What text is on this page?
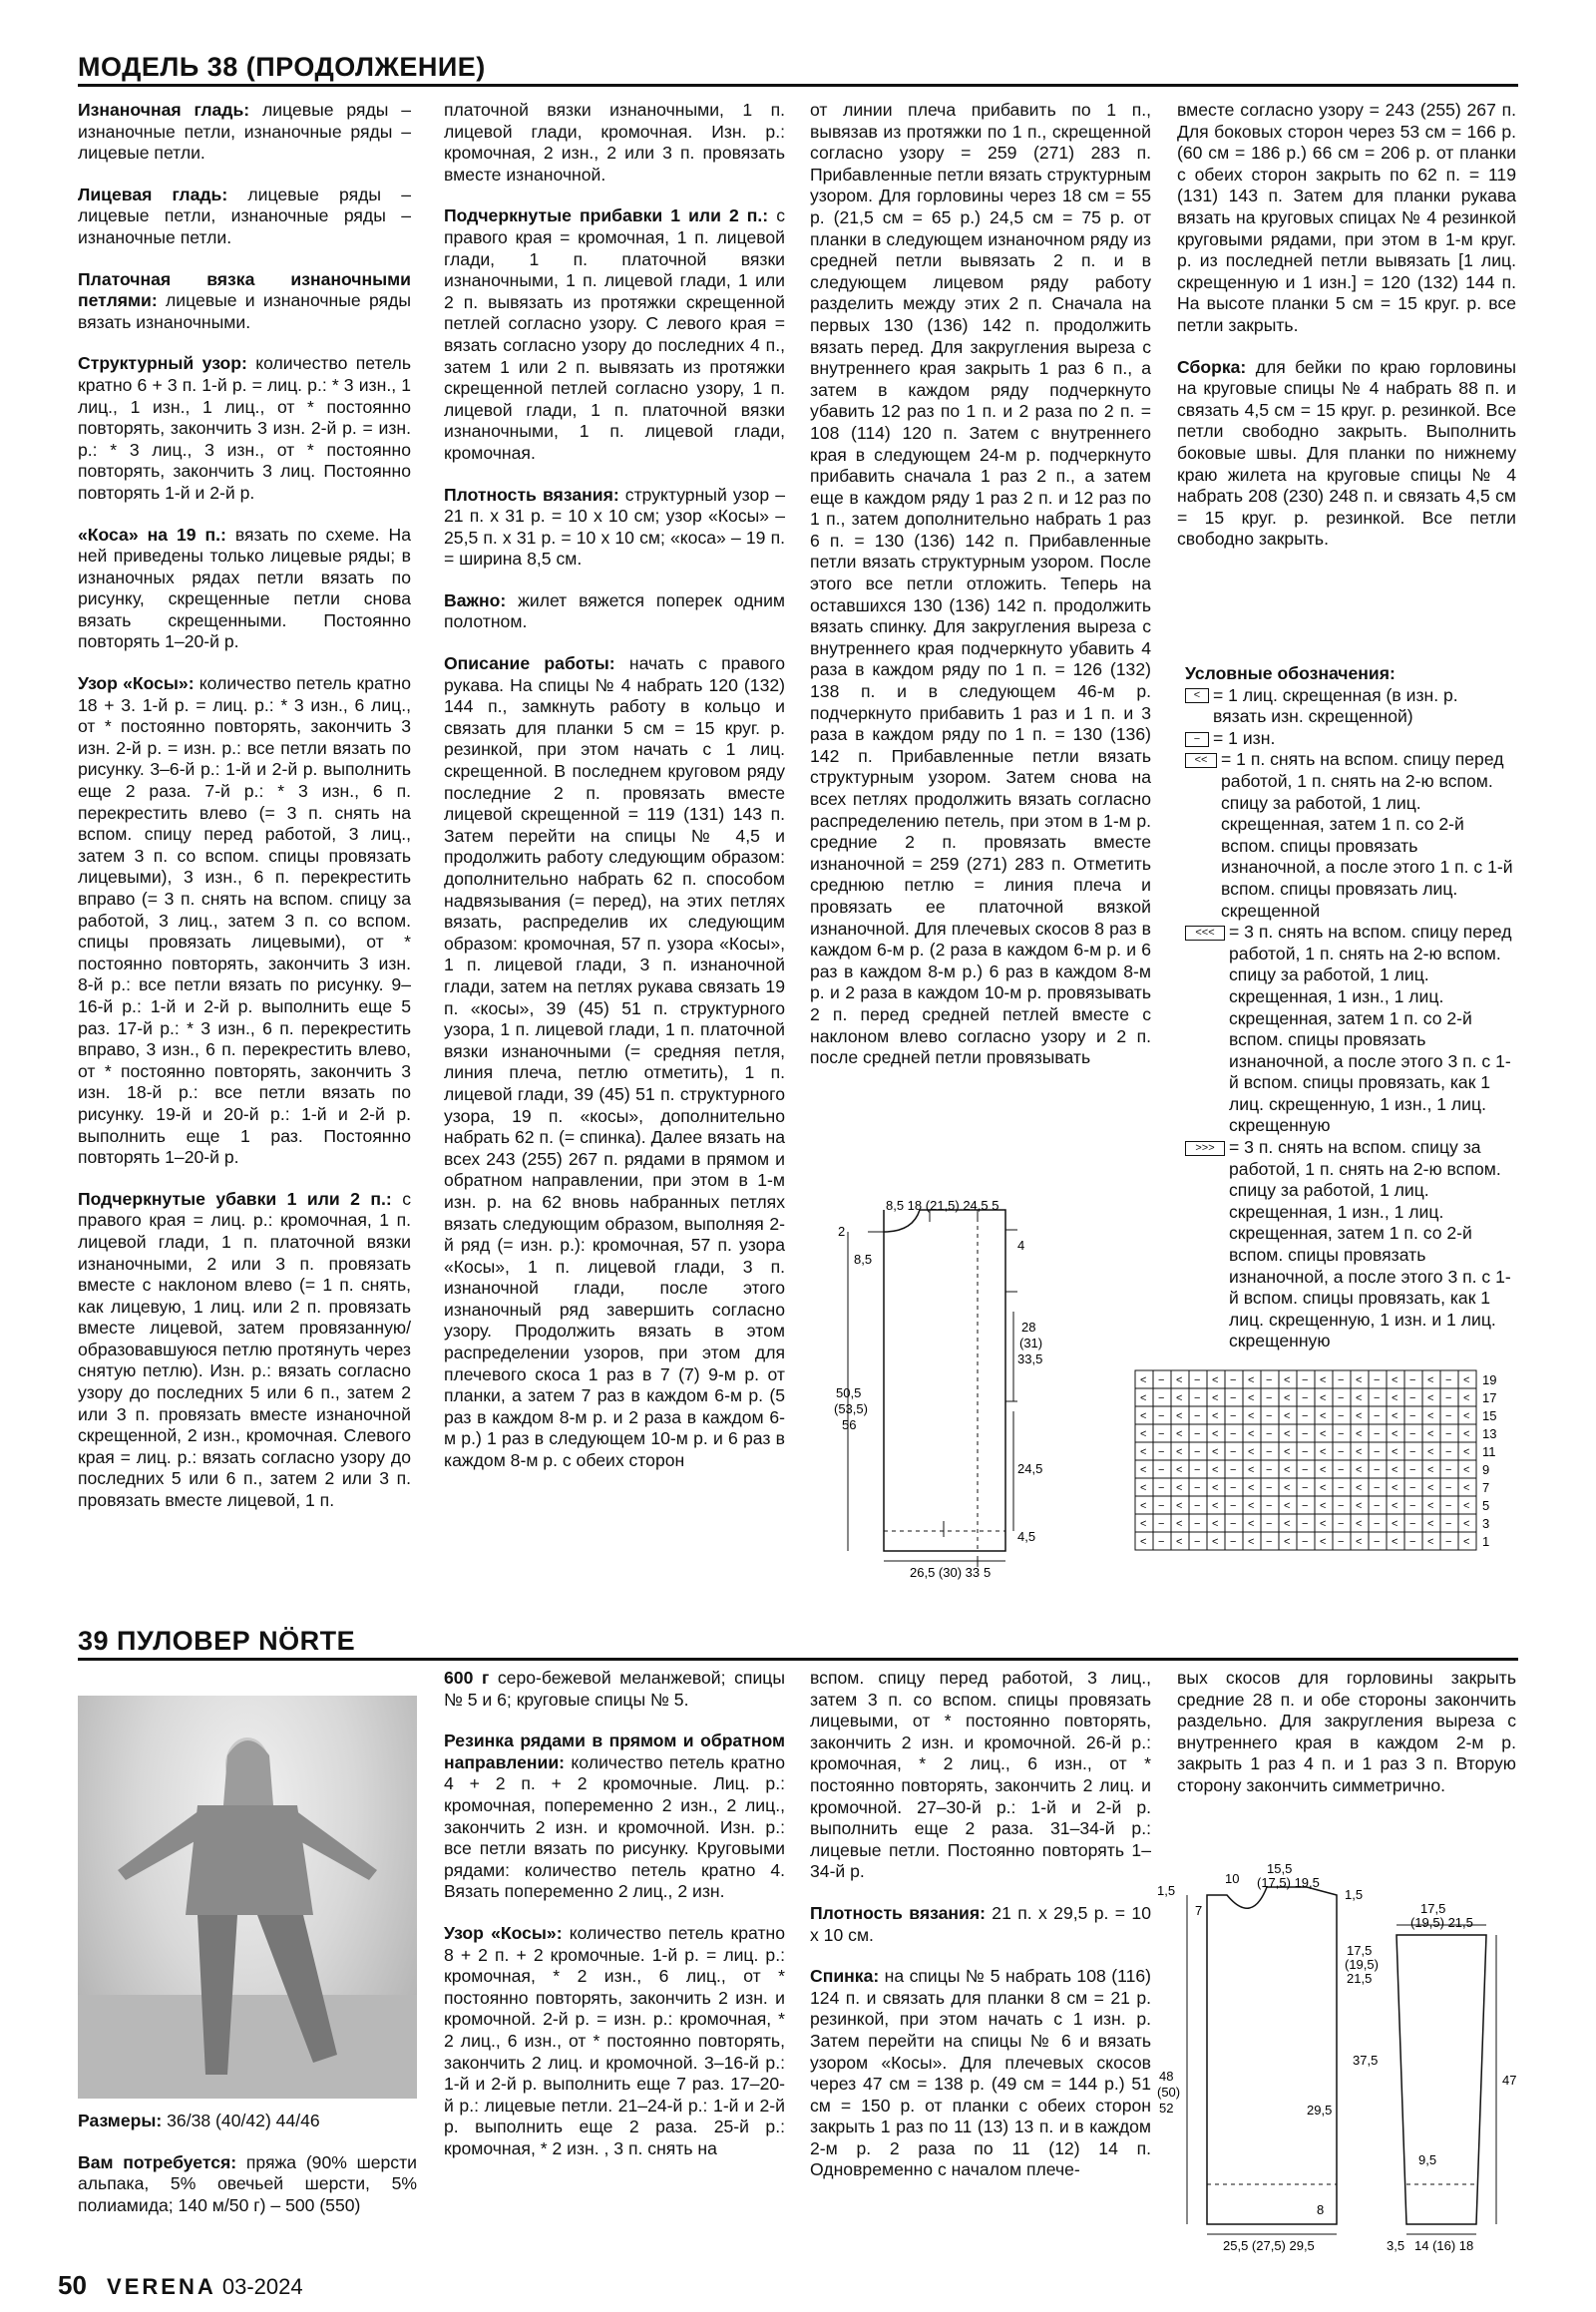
МОДЕЛЬ 38 (ПРОДОЛЖЕНИЕ)

Изнаночная гладь: лицевые ряды – изнаночные петли, изнаночные ряды – лицевые петли.

Лицевая гладь: лицевые ряды – лицевые петли, изнаночные ряды – изнаночные петли.

Платочная вязка изнаночными петлями: лицевые и изнаночные ряды вязать изнаночными.

Структурный узор: количество петель кратно 6 + 3 п. 1-й р. = лиц. р.: * 3 изн., 1 лиц., 1 изн., 1 лиц., от * постоянно повторять, закончить 3 изн. 2-й р. = изн. р.: * 3 лиц., 3 изн., от * постоянно повторять, закончить 3 лиц. Постоянно повторять 1-й и 2-й р.

«Коса» на 19 п.: вязать по схеме. На ней приведены только лицевые ряды; в изнаночных рядах петли вязать по рисунку, скрещенные петли снова вязать скрещенными. Постоянно повторять 1–20-й р.

Узор «Косы»: количество петель кратно 18 + 3. 1-й р. = лиц. р.: * 3 изн., 6 лиц., от * постоянно повторять, закончить 3 изн. 2-й р. = изн. р.: все петли вязать по рисунку. 3–6-й р.: 1-й и 2-й р. выполнить еще 2 раза. 7-й р.: * 3 изн., 6 п. перекрестить влево (= 3 п. снять на вспом. спицу перед работой, 3 лиц., затем 3 п. со вспом. спицы провязать лицевыми), 3 изн., 6 п. перекрестить вправо (= 3 п. снять на вспом. спицу за работой, 3 лиц., затем 3 п. со вспом. спицы провязать лицевыми), от * постоянно повторять, закончить 3 изн. 8-й р.: все петли вязать по рисунку. 9–16-й р.: 1-й и 2-й р. выполнить еще 5 раз. 17-й р.: * 3 изн., 6 п. перекрестить вправо, 3 изн., 6 п. перекрестить влево, от * постоянно повторять, закончить 3 изн. 18-й р.: все петли вязать по рисунку. 19-й и 20-й р.: 1-й и 2-й р. выполнить еще 1 раз. Постоянно повторять 1–20-й р.

Подчеркнутые убавки 1 или 2 п.: с правого края = лиц. р.: кромочная, 1 п. лицевой глади, 1 п. платочной вязки изнаночными, 2 или 3 п. провязать вместе с наклоном влево (= 1 п. снять, как лицевую, 1 лиц. или 2 п. провязать вместе лицевой, затем провязанную/образовавшуюся петлю протянуть через снятую петлю). Изн. р.: вязать согласно узору до последних 5 или 6 п., затем 2 или 3 п. провязать вместе изнаночной скрещенной, 2 изн., кромочная. Слевого края = лиц. р.: вязать согласно узору до последних 5 или 6 п., затем 2 или 3 п. провязать вместе лицевой, 1 п.

платочной вязки изнаночными, 1 п. лицевой глади, кромочная. Изн. р.: кромочная, 2 изн., 2 или 3 п. провязать вместе изнаночной.

Подчеркнутые прибавки 1 или 2 п.: с правого края = кромочная, 1 п. лицевой глади, 1 п. платочной вязки изнаночными, 1 п. лицевой глади, 1 или 2 п. вывязать из протяжки скрещенной петлей согласно узору. С левого края = вязать согласно узору до последних 4 п., затем 1 или 2 п. вывязать из протяжки скрещенной петлей согласно узору, 1 п. лицевой глади, 1 п. платочной вязки изнаночными, 1 п. лицевой глади, кромочная.

Плотность вязания: структурный узор – 21 п. х 31 р. = 10 х 10 см; узор «Косы» – 25,5 п. х 31 р. = 10 х 10 см; «коса» – 19 п. = ширина 8,5 см.

Важно: жилет вяжется поперек одним полотном.

Описание работы: начать с правого рукава. На спицы № 4 набрать 120 (132) 144 п., замкнуть работу в кольцо и связать для планки 5 см = 15 круг. р. резинкой, при этом начать с 1 лиц. скрещенной. В последнем круговом ряду последние 2 п. провязать вместе лицевой скрещенной = 119 (131) 143 п. Затем перейти на спицы № 4,5 и продолжить работу следующим образом: дополнительно набрать 62 п. способом надвязывания (= перед), на этих петлях вязать, распределив их следующим образом: кромочная, 57 п. узора «Косы», 1 п. лицевой глади, 3 п. изнаночной глади, затем на петлях рукава связать 19 п. «косы», 39 (45) 51 п. структурного узора, 1 п. лицевой глади, 1 п. платочной вязки изнаночными (= средняя петля, линия плеча, петлю отметить), 1 п. лицевой глади, 39 (45) 51 п. структурного узора, 19 п. «косы», дополнительно набрать 62 п. (= спинка). Далее вязать на всех 243 (255) 267 п. рядами в прямом и обратном направлении, при этом в 1-м изн. р. на 62 вновь набранных петлях вязать следующим образом, выполняя 2-й ряд (= изн. р.): кромочная, 57 п. узора «Косы», 1 п. лицевой глади, 3 п. изнаночной глади, после этого изнаночный ряд завершить согласно узору. Продолжить вязать в этом распределении узоров, при этом для плечевого скоса 1 раз в 7 (7) 9-м р. от планки, а затем 7 раз в каждом 6-м р. (5 раз в каждом 8-м р. и 2 раза в каждом 6-м р.) 1 раз в следующем 10-м р. и 6 раз в каждом 8-м р. с обеих сторон

от линии плеча прибавить по 1 п., вывязав из протяжки по 1 п., скрещенной согласно узору = 259 (271) 283 п. Прибавленные петли вязать структурным узором. Для горловины через 18 см = 55 р. (21,5 см = 65 р.) 24,5 см = 75 р. от планки в следующем изнаночном ряду из средней петли вывязать 2 п. и в следующем лицевом ряду работу разделить между этих 2 п. Сначала на первых 130 (136) 142 п. продолжить вязать перед. Для закругления выреза с внутреннего края закрыть 1 раз 6 п., а затем в каждом ряду подчеркнуто убавить 12 раз по 1 п. и 2 раза по 2 п. = 108 (114) 120 п. Затем с внутреннего края в следующем 24-м р. подчеркнуто прибавить сначала 1 раз 2 п., а затем еще в каждом ряду 1 раз 2 п. и 12 раз по 1 п., затем дополнительно набрать 1 раз 6 п. = 130 (136) 142 п. Прибавленные петли вязать структурным узором. После этого все петли отложить. Теперь на оставшихся 130 (136) 142 п. продолжить вязать спинку. Для закругления выреза с внутреннего края подчеркнуто убавить 4 раза в каждом ряду по 1 п. = 126 (132) 138 п. и в следующем 46-м р. подчеркнуто прибавить 1 раз и 1 п. и 3 раза в каждом ряду по 1 п. = 130 (136) 142 п. Прибавленные петли вязать структурным узором. Затем снова на всех петлях продолжить вязать согласно распределению петель, при этом в 1-м р. средние 2 п. провязать вместе изнаночной = 259 (271) 283 п. Отметить среднюю петлю = линия плеча и провязать ее платочной вязкой изнаночной. Для плечевых скосов 8 раз в каждом 6-м р. (2 раза в каждом 6-м р. и 6 раз в каждом 8-м р.) 6 раз в каждом 8-м р. и 2 раза в каждом 10-м р. провязывать 2 п. перед средней петлей вместе с наклоном влево согласно узору и 2 п. после средней петли провязывать

вместе согласно узору = 243 (255) 267 п. Для боковых сторон через 53 см = 166 р. (60 см = 186 р.) 66 см = 206 р. от планки с обеих сторон закрыть по 62 п. = 119 (131) 143 п. Затем для планки рукава вязать на круговых спицах № 4 резинкой круговыми рядами, при этом в 1-м круг. р. из последней петли вывязать [1 лиц. скрещенную и 1 изн.] = 120 (132) 144 п. На высоте планки 5 см = 15 круг. р. все петли закрыть.

Сборка: для бейки по краю горловины на круговые спицы № 4 набрать 88 п. и связать 4,5 см = 15 круг. р. резинкой. Все петли свободно закрыть. Выполнить боковые швы. Для планки по нижнему краю жилета на круговые спицы № 4 набрать 208 (230) 248 п. и связать 4,5 см = 15 круг. р. резинкой. Все петли свободно закрыть.

Условные обозначения:
< = 1 лиц. скрещенная (в изн. р. вязать изн. скрещенной)
− = 1 изн.
<< = 1 п. снять на вспом. спицу перед работой, 1 п. снять на 2-ю вспом. спицу за работой, 1 лиц. скрещенная, затем 1 п. со 2-й вспом. спицы провязать изнаночной, а после этого 1 п. с 1-й вспом. спицы провязать лиц. скрещенной
<<< = 3 п. снять на вспом. спицу перед работой, 1 п. снять на 2-ю вспом. спицу за работой, 1 лиц. скрещенная, 1 изн., 1 лиц. скрещенная, затем 1 п. со 2-й вспом. спицы провязать изнаночной, а после этого 3 п. с 1-й вспом. спицы провязать, как 1 лиц. скрещенную, 1 изн., 1 лиц. скрещенную
>>> = 3 п. снять на вспом. спицу за работой, 1 п. снять на 2-ю вспом. спицу за работой, 1 лиц. скрещенная, 1 изн., 1 лиц. скрещенная, затем 1 п. со 2-й вспом. спицы провязать изнаночной, а после этого 3 п. с 1-й вспом. спицы провязать, как 1 лиц. скрещенную, 1 изн. и 1 лиц. скрещенную
< − < − < − < − < − < − < − < − < − < 19
< − < − < − < − < − < − < − < − < − < 17
< − < − < − < − < − < − < − < − < − < 15
< − < − < − < − < − < − < − < − < − < 13
< − < − < − < − < − < − < − < − < − < 11
< − < − < − < − < − < − < − < − < − < 9
< − < − < − < − < − < − < − < − < − < 7
< − < − < − < − < − < − < − < − < − < 5
< − < − < − < − < − < − < − < − < − < 3
< − < − < − < − < − < − < − < − < − < 1
8,5 18 (21,5) 24,5 5
2
8,5
4
28
(31)
33,5
50,5
(53,5)
56
24,5
4,5
26,5 (30) 33 5
39 ПУЛОВЕР NÖRTE

Размеры: 36/38 (40/42) 44/46

Вам потребуется: пряжа (90% шерсти альпака, 5% овечьей шерсти, 5% полиамида; 140 м/50 г) – 500 (550)

600 г серо-бежевой меланжевой; спицы № 5 и 6; круговые спицы № 5.

Резинка рядами в прямом и обратном направлении: количество петель кратно 4 + 2 п. + 2 кромочные. Лиц. р.: кромочная, попеременно 2 изн., 2 лиц., закончить 2 изн. и кромочной. Изн. р.: все петли вязать по рисунку. Круговыми рядами: количество петель кратно 4. Вязать попеременно 2 лиц., 2 изн.

Узор «Косы»: количество петель кратно 8 + 2 п. + 2 кромочные. 1-й р. = лиц. р.: кромочная, * 2 изн., 6 лиц., от * постоянно повторять, закончить 2 изн. и кромочной. 2-й р. = изн. р.: кромочная, * 2 лиц., 6 изн., от * постоянно повторять, закончить 2 лиц. и кромочной. 3–16-й р.: 1-й и 2-й р. выполнить еще 7 раз. 17–20-й р.: лицевые петли. 21–24-й р.: 1-й и 2-й р. выполнить еще 2 раза. 25-й р.: кромочная, * 2 изн. , 3 п. снять на

вспом. спицу перед работой, 3 лиц., затем 3 п. со вспом. спицы провязать лицевыми, от * постоянно повторять, закончить 2 изн. и кромочной. 26-й р.: кромочная, * 2 лиц., 6 изн., от * постоянно повторять, закончить 2 лиц. и кромочной. 27–30-й р.: 1-й и 2-й р. выполнить еще 2 раза. 31–34-й р.: лицевые петли. Постоянно повторять 1–34-й р.

Плотность вязания: 21 п. х 29,5 р. = 10 х 10 см.

Спинка: на спицы № 5 набрать 108 (116) 124 п. и связать для планки 8 см = 21 р. резинкой, при этом начать с 1 изн. р. Затем перейти на спицы № 6 и вязать узором «Косы». Для плечевых скосов через 47 см = 138 р. (49 см = 144 р.) 51 см = 150 р. от планки с обеих сторон закрыть 1 раз по 11 (13) 13 п. и в каждом 2-м р. 2 раза по 11 (12) 14 п. Одновременно с началом плече-

вых скосов для горловины закрыть средние 28 п. и обе стороны закончить раздельно. Для закругления выреза с внутреннего края в каждом 2-м р. закрыть 1 раз 4 п. и 1 раз 3 п. Вторую сторону закончить симметрично.

10
15,5
(17,5) 19,5
1,5
7
1,5
17,5
(19,5)
21,5
37,5
48
(50)
52	29,5
8
25,5 (27,5) 29,5
17,5
(19,5) 21,5
47
9,5
14 (16) 18
3,5
50 VERENA 03-2024
